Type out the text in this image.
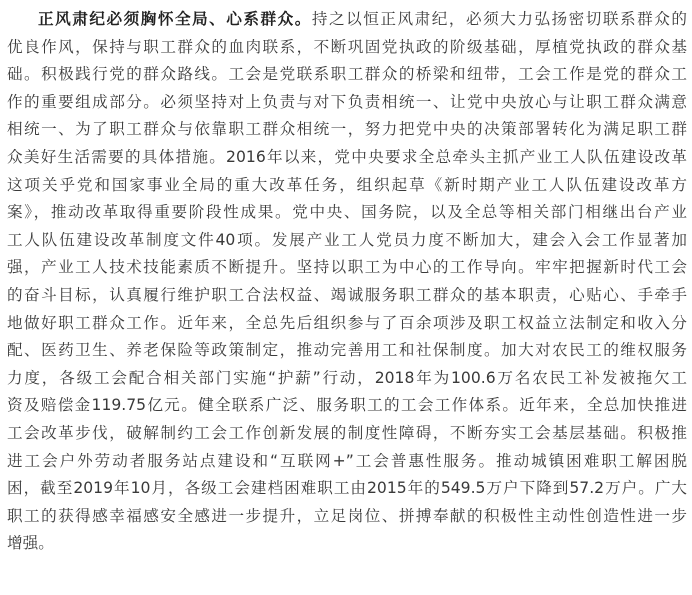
正风肃纪必须胸怀全局、心系群众。持之以恒正风肃纪，必须大力弘扬密切联系群众的
优良作风，保持与职工群众的血肉联系，不断巩固党执政的阶级基础，厚植党执政的群众基
础。积极践行党的群众路线。工会是党联系职工群众的桥梁和纽带，工会工作是党的群众工
作的重要组成部分。必须坚持对上负责与对下负责相统一、让党中央放心与让职工群众满意
相统一、为了职工群众与依靠职工群众相统一，努力把党中央的决策部署转化为满足职工群
众美好生活需要的具体措施。2016年以来，党中央要求全总牵头主抓产业工人队伍建设改革
这项关乎党和国家事业全局的重大改革任务，组织起草《新时期产业工人队伍建设改革方
案》，推动改革取得重要阶段性成果。党中央、国务院，以及全总等相关部门相继出台产业
工人队伍建设改革制度文件40项。发展产业工人党员力度不断加大，建会入会工作显著加
强，产业工人技术技能素质不断提升。坚持以职工为中心的工作导向。牢牢把握新时代工会
的奋斗目标，认真履行维护职工合法权益、竭诚服务职工群众的基本职责，心贴心、手牵手
地做好职工群众工作。近年来，全总先后组织参与了百余项涉及职工权益立法制定和收入分
配、医药卫生、养老保险等政策制定，推动完善用工和社保制度。加大对农民工的维权服务
力度，各级工会配合相关部门实施“护薪”行动，2018年为100.6万名农民工补发被拖欠工
资及赔偿金119.75亿元。健全联系广泛、服务职工的工会工作体系。近年来，全总加快推进
工会改革步伐，破解制约工会工作创新发展的制度性障碍，不断夯实工会基层基础。积极推
进工会户外劳动者服务站点建设和“互联网+”工会普惠性服务。推动城镇困难职工解困脱
困，截至2019年10月，各级工会建档困难职工由2015年的549.5万户下降到57.2万户。广大
职工的获得感幸福感安全感进一步提升，立足岗位、拼搏奉献的积极性主动性创造性进一步
增强。
